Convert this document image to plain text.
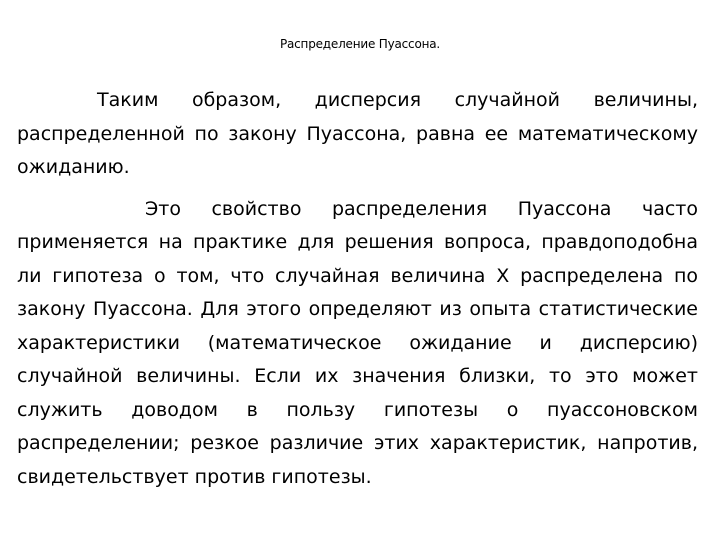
Распределение Пуассона.

Таким образом, дисперсия случайной величины, распределенной по закону Пуассона, равна ее математическому ожиданию.

Это свойство распределения Пуассона часто применяется на практике для решения вопроса, правдоподобна ли гипотеза о том, что случайная величина X распределена по закону Пуассона. Для этого определяют из опыта статистические характеристики (математическое ожидание и дисперсию) случайной величины. Если их значения близки, то это может служить доводом в пользу гипотезы о пуассоновском распределении; резкое различие этих характеристик, напротив, свидетельствует против гипотезы.
